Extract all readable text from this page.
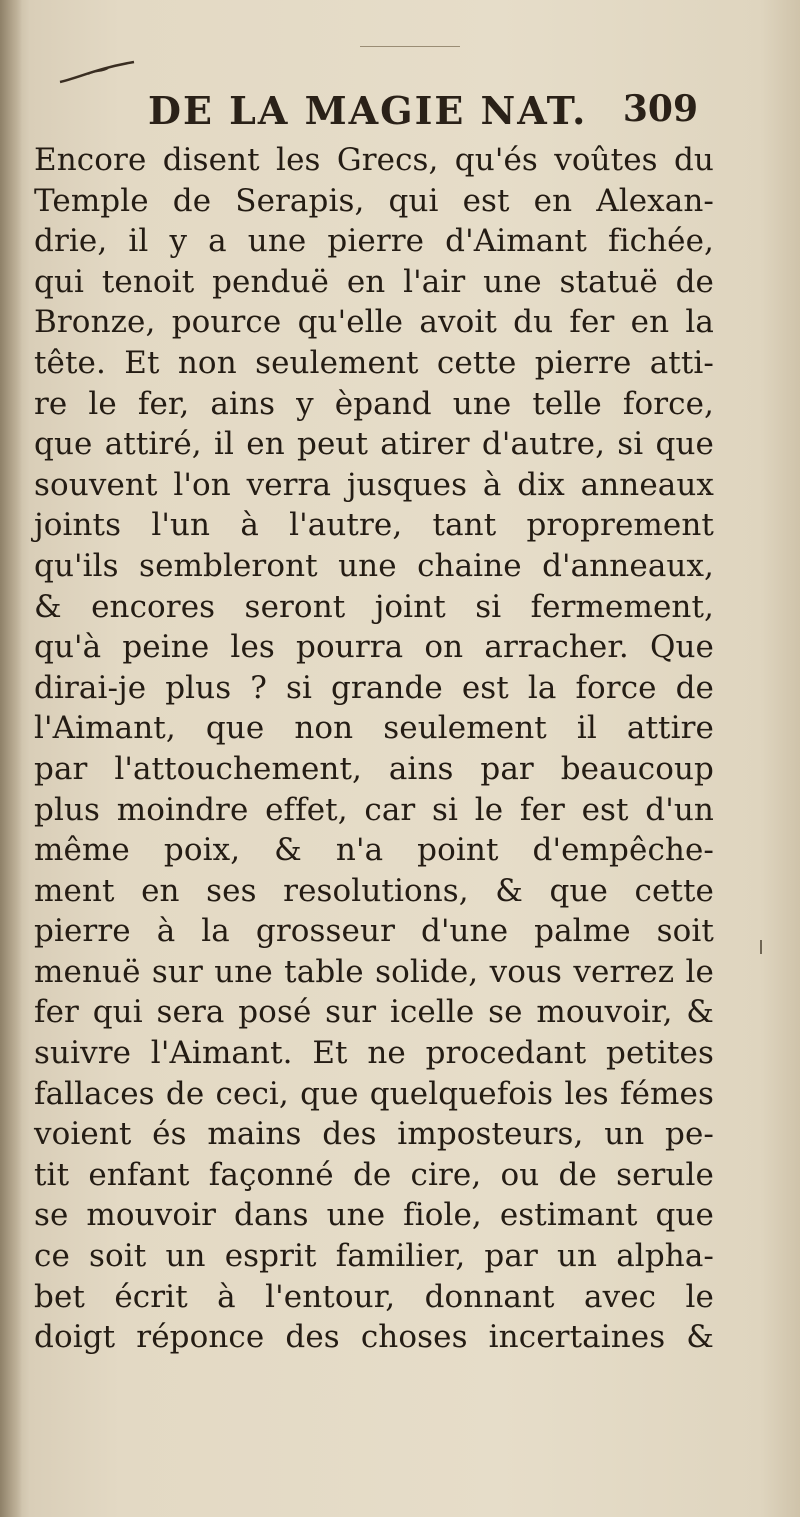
DE LA MAGIE NAT. 309
Encore disent les Grecs, qu'és voûtes du
Temple de Serapis, qui est en Alexan-
drie, il y a une pierre d'Aimant fichée,
qui tenoit penduë en l'air une statuë de
Bronze, pource qu'elle avoit du fer en la
tête. Et non seulement cette pierre atti-
re le fer, ains y èpand une telle force,
que attiré, il en peut atirer d'autre, si que
souvent l'on verra jusques à dix anneaux
joints l'un à l'autre, tant proprement
qu'ils sembleront une chaine d'anneaux,
& encores seront joint si fermement,
qu'à peine les pourra on arracher. Que
dirai-je plus ? si grande est la force de
l'Aimant, que non seulement il attire
par l'attouchement, ains par beaucoup
plus moindre effet, car si le fer est d'un
même poix, & n'a point d'empêche-
ment en ses resolutions, & que cette
pierre à la grosseur d'une palme soit
menuë sur une table solide, vous verrez le
fer qui sera posé sur icelle se mouvoir, &
suivre l'Aimant. Et ne procedant petites
fallaces de ceci, que quelquefois les fémes
voient és mains des imposteurs, un pe-
tit enfant façonné de cire, ou de serule
se mouvoir dans une fiole, estimant que
ce soit un esprit familier, par un alpha-
bet écrit à l'entour, donnant avec le
doigt réponce des choses incertaines &
